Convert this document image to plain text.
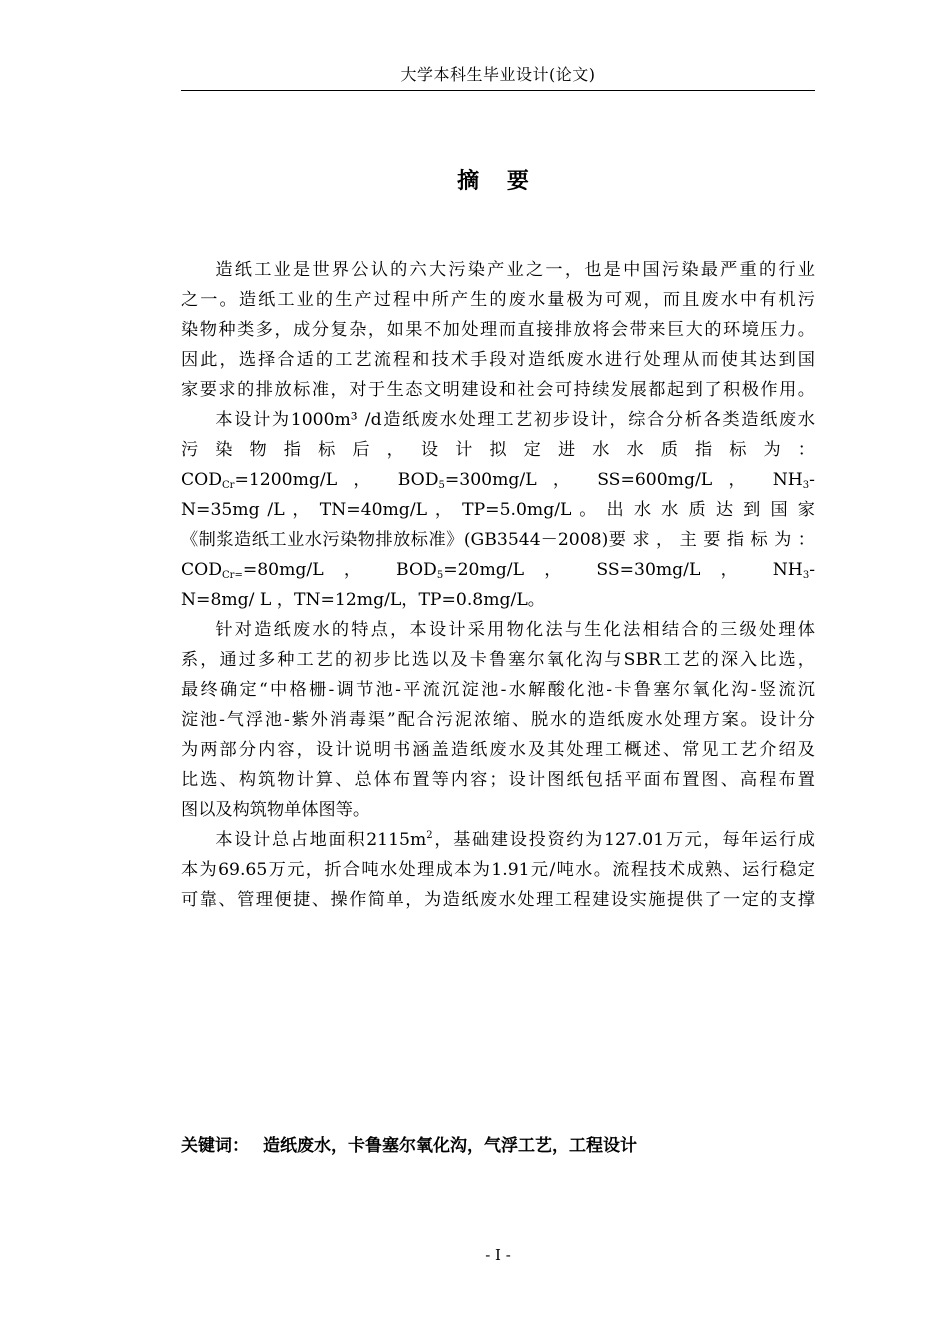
大学本科生毕业设计(论文)
摘 要
造纸工业是世界公认的六大污染产业之一，也是中国污染最严重的行业
之一。造纸工业的生产过程中所产生的废水量极为可观，而且废水中有机污
染物种类多，成分复杂，如果不加处理而直接排放将会带来巨大的环境压力。
因此，选择合适的工艺流程和技术手段对造纸废水进行处理从而使其达到国
家要求的排放标准，对于生态文明建设和社会可持续发展都起到了积极作用。
本设计为1000m³ /d造纸废水处理工艺初步设计，综合分析各类造纸废水
污 染 物 指 标 后 ， 设 计 拟 定 进 水 水 质 指 标 为 ：
$COD_{Cr}=1200mg/L$ ， $BOD_5=300mg/L$ ， SS=600mg/L ， $NH_3-$
N=35mg /L ， TN=40mg/L ， TP=5.0mg/L 。 出 水 水 质 达 到 国 家
《制浆造纸工业水污染物排放标准》(GB3544－2008)要 求 ， 主 要 指 标 为 ：
$COD_{Cr=}=80mg/L$ ， $BOD_5=20mg/L$ ， SS=30mg/L ， $NH_3-$
N=8mg/ L ，TN=12mg/L，TP=0.8mg/L。
针对造纸废水的特点，本设计采用物化法与生化法相结合的三级处理体
系，通过多种工艺的初步比选以及卡鲁塞尔氧化沟与SBR工艺的深入比选，
最终确定“中格栅-调节池-平流沉淀池-水解酸化池-卡鲁塞尔氧化沟-竖流沉
淀池-气浮池-紫外消毒渠”配合污泥浓缩、脱水的造纸废水处理方案。设计分
为两部分内容，设计说明书涵盖造纸废水及其处理工概述、常见工艺介绍及
比选、构筑物计算、总体布置等内容；设计图纸包括平面布置图、高程布置
图以及构筑物单体图等。
本设计总占地面积$2115m^2$，基础建设投资约为127.01万元，每年运行成
本为69.65万元，折合吨水处理成本为1.91元/吨水。流程技术成熟、运行稳定
可靠、管理便捷、操作简单，为造纸废水处理工程建设实施提供了一定的支撑
关键词： 造纸废水，卡鲁塞尔氧化沟，气浮工艺，工程设计
- I -
